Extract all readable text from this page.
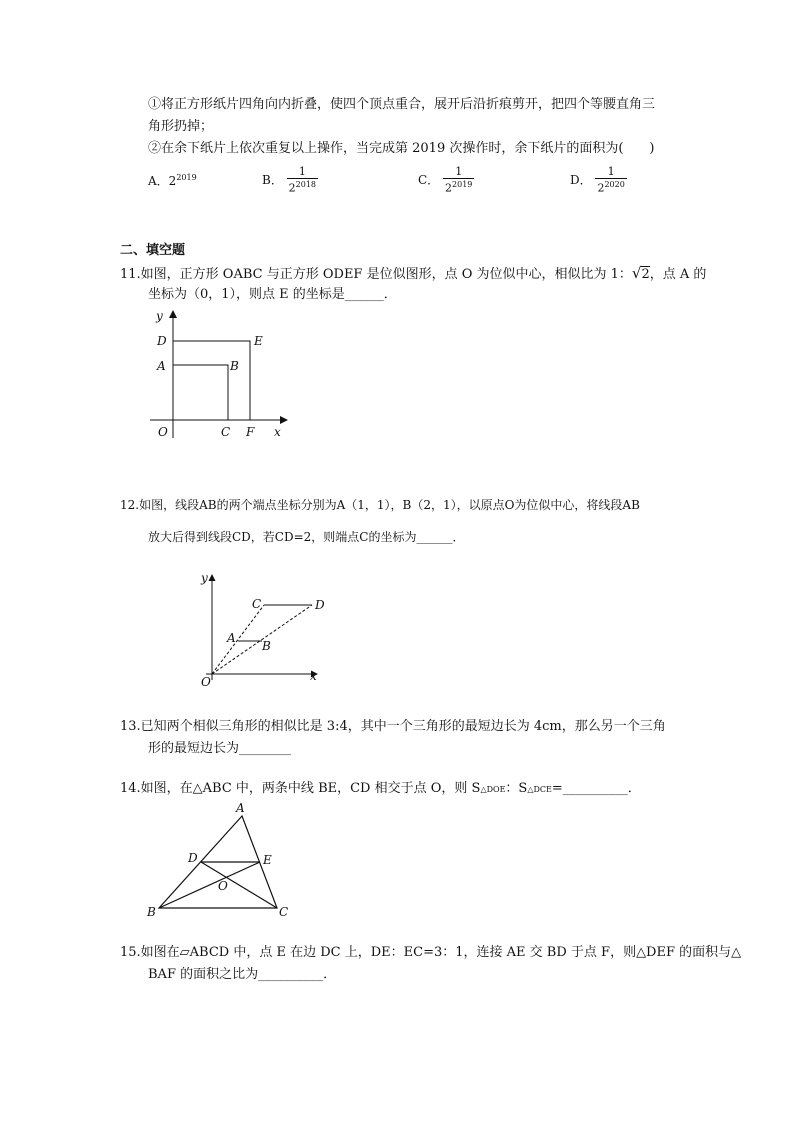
①将正方形纸片四角向内折叠，使四个顶点重合，展开后沿折痕剪开，把四个等腰直角三
角形扔掉；
②在余下纸片上依次重复以上操作，当完成第 2019 次操作时，余下纸片的面积为(　　)
A．$2^{2019}$	B． $\frac{1}{2^{2018}}$	C． $\frac{1}{2^{2019}}$	D． $\frac{1}{2^{2020}}$
二、填空题
11.如图，正方形 OABC 与正方形 ODEF 是位似图形，点 O 为位似中心，相似比为 1：√2，点 A 的
坐标为（0，1），则点 E 的坐标是______．
y
D	E
A	B
O	C F x
12.如图，线段AB的两个端点坐标分别为A（1，1），B（2，1），以原点O为位似中心，将线段AB
放大后得到线段CD，若CD=2，则端点C的坐标为______．
y
C	D
A
B
O	x
13.已知两个相似三角形的相似比是 3:4，其中一个三角形的最短边长为 4cm，那么另一个三角
形的最短边长为________
14.如图，在△ABC 中，两条中线 BE，CD 相交于点 O，则 S△DOE：S△DCE=__________．
A
D	E
O
B	C
15.如图在▱ABCD 中，点 E 在边 DC 上，DE：EC=3：1，连接 AE 交 BD 于点 F，则△DEF 的面积与△
BAF 的面积之比为__________．
